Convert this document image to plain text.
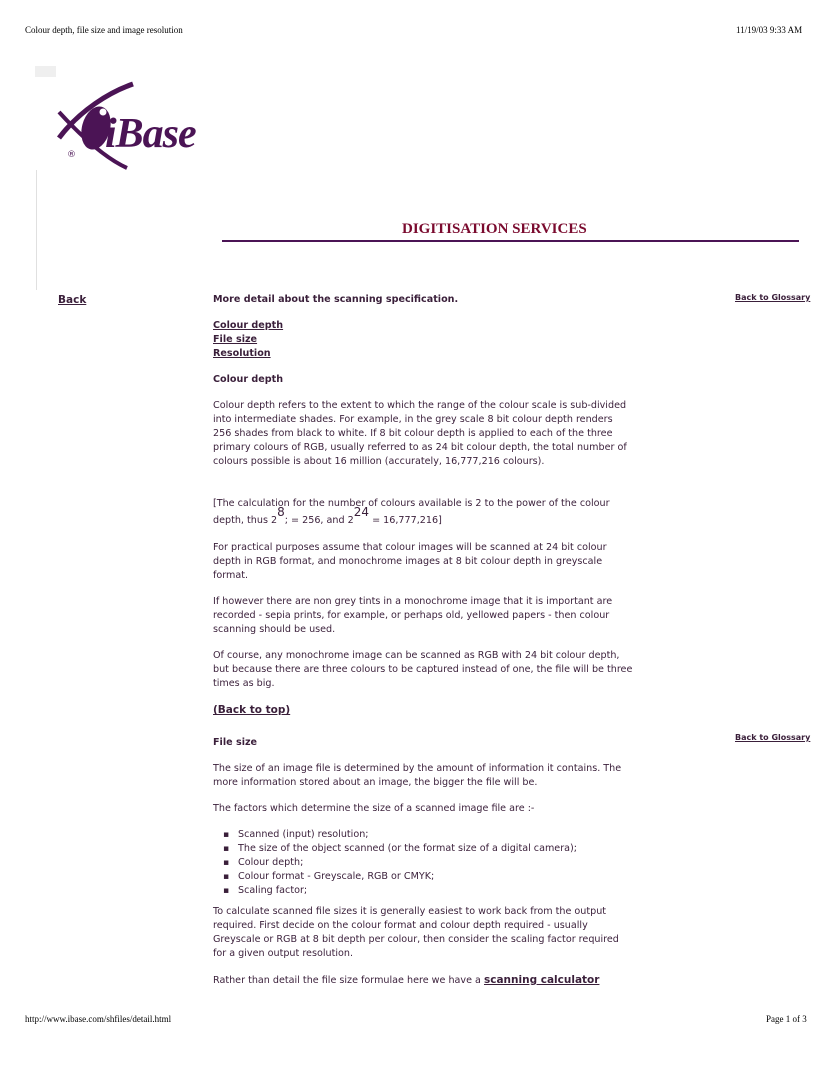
Colour depth, file size and image resolution	11/19/03 9:33 AM
iBase
®
DIGITISATION SERVICES
Back	Back to Glossary
Back to Glossary
More detail about the scanning specification.
Colour depth
File size
Resolution
Colour depth
Colour depth refers to the extent to which the range of the colour scale is sub-divided into intermediate shades. For example, in the grey scale 8 bit colour depth renders 256 shades from black to white. If 8 bit colour depth is applied to each of the three primary colours of RGB, usually referred to as 24 bit colour depth, the total number of colours possible is about 16 million (accurately, 16,777,216 colours).
[The calculation for the number of colours available is 2 to the power of the colour depth, thus $2^8$; = 256, and $2^{24} = 16,777,216$]
For practical purposes assume that colour images will be scanned at 24 bit colour depth in RGB format, and monochrome images at 8 bit colour depth in greyscale format.
If however there are non grey tints in a monochrome image that it is important are recorded - sepia prints, for example, or perhaps old, yellowed papers - then colour scanning should be used.
Of course, any monochrome image can be scanned as RGB with 24 bit colour depth, but because there are three colours to be captured instead of one, the file will be three times as big.
(Back to top)
File size
The size of an image file is determined by the amount of information it contains. The more information stored about an image, the bigger the file will be.
The factors which determine the size of a scanned image file are :-
▪ Scanned (input) resolution;
▪ The size of the object scanned (or the format size of a digital camera);
▪ Colour depth;
▪ Colour format - Greyscale, RGB or CMYK;
▪ Scaling factor;
To calculate scanned file sizes it is generally easiest to work back from the output required. First decide on the colour format and colour depth required - usually Greyscale or RGB at 8 bit depth per colour, then consider the scaling factor required for a given output resolution.
Rather than detail the file size formulae here we have a scanning calculator
http://www.ibase.com/shfiles/detail.html	Page 1 of 3
